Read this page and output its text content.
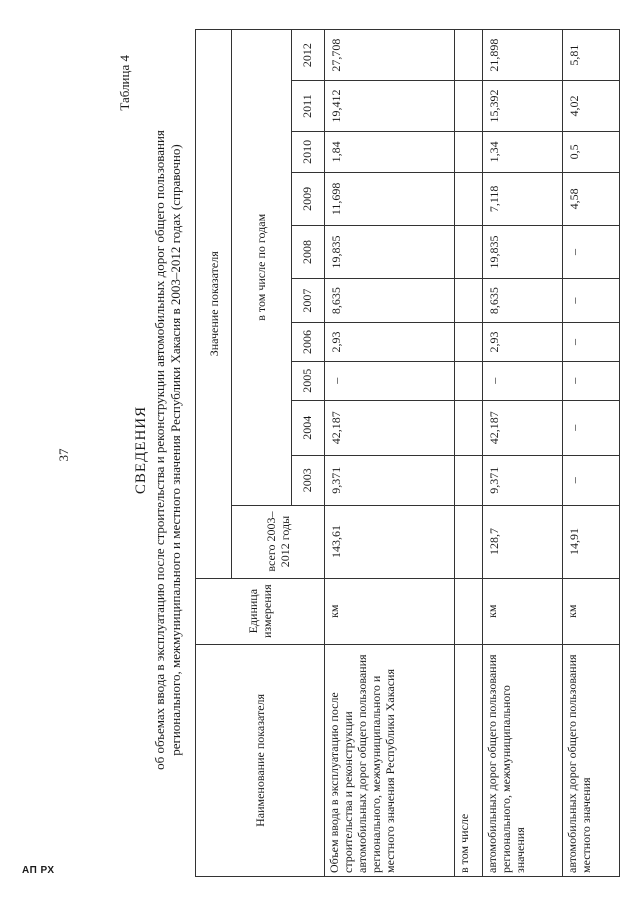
37
АП РХ
Таблица 4
СВЕДЕНИЯ об объемах ввода в эксплуатацию после строительства и реконструкции автомобильных дорог общего пользования регионального, межмуниципального и местного значения Республики Хакасия в 2003–2012 годах (справочно)

Наименование показателя	Единица измерения	Значение показателя										
		всего 2003–2012 годы	в том числе по годам									
			2003	2004	2005	2006	2007	2008	2009	2010	2011	2012
Объем ввода в эксплуатацию после строительства и реконструкции автомобильных дорог общего пользования регионального, межмуниципального и местного значения Республики Хакасия	км	143,61	9,371	42,187	–	2,93	8,635	19,835	11,698	1,84	19,412	27,708
в том числе												
автомобильных дорог общего пользования регионального, межмуниципального значения	км	128,7	9,371	42,187	–	2,93	8,635	19,835	7,118	1,34	15,392	21,898
автомобильных дорог общего пользования местного значения	км	14,91	–	–	–	–	–	–	4,58	0,5	4,02	5,81
